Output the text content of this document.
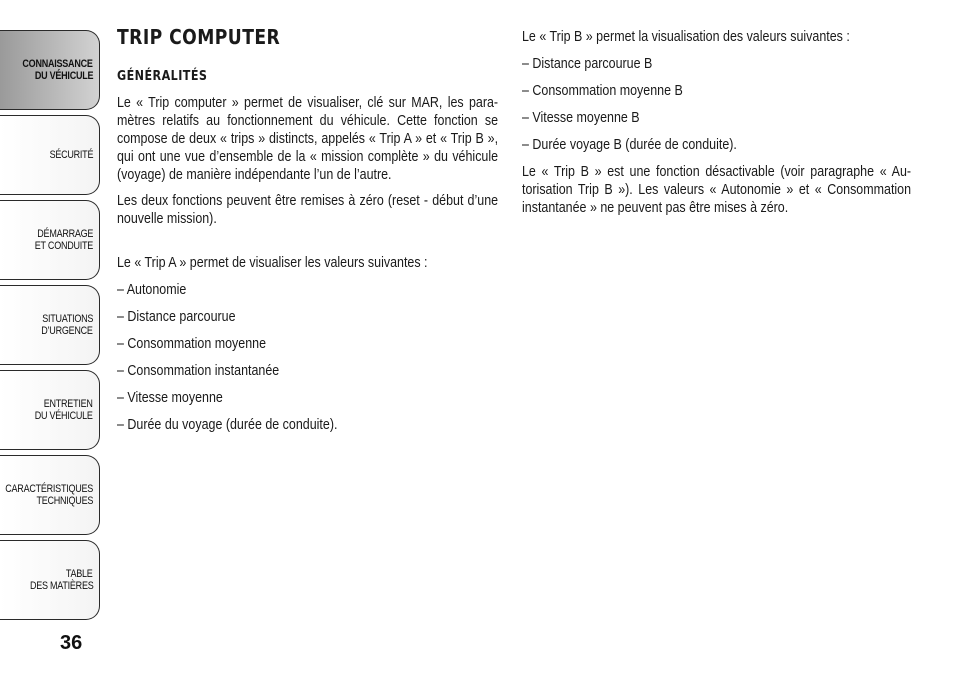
CONNAISSANCE
DU VÉHICULE
SÉCURITÉ
DÉMARRAGE
ET CONDUITE
SITUATIONS
D’URGENCE
ENTRETIEN
DU VÉHICULE
CARACTÉRISTIQUES
TECHNIQUES
TABLE
DES MATIÈRES
36
TRIP COMPUTER
GÉNÉRALITÉS

Le « Trip computer » permet de visualiser, clé sur MAR, les paramètres relatifs au fonctionnement du véhicule. Cette fonction se compose de deux « trips » distincts, appelés « Trip A » et « Trip B », qui ont une vue d’ensemble de la « mission complète » du véhicule (voyage) de manière indépendante l’un de l’autre.

Les deux fonctions peuvent être remises à zéro (reset - début d’une nouvelle mission).

Le « Trip A » permet de visualiser les valeurs suivantes :

– Autonomie
– Distance parcourue
– Consommation moyenne
– Consommation instantanée
– Vitesse moyenne
– Durée du voyage (durée de conduite).

Le « Trip B » permet la visualisation des valeurs suivantes :

– Distance parcourue B
– Consommation moyenne B
– Vitesse moyenne B
– Durée voyage B (durée de conduite).

Le « Trip B » est une fonction désactivable (voir paragraphe « Autorisation Trip B »). Les valeurs « Autonomie » et « Consommation instantanée » ne peuvent pas être mises à zéro.
